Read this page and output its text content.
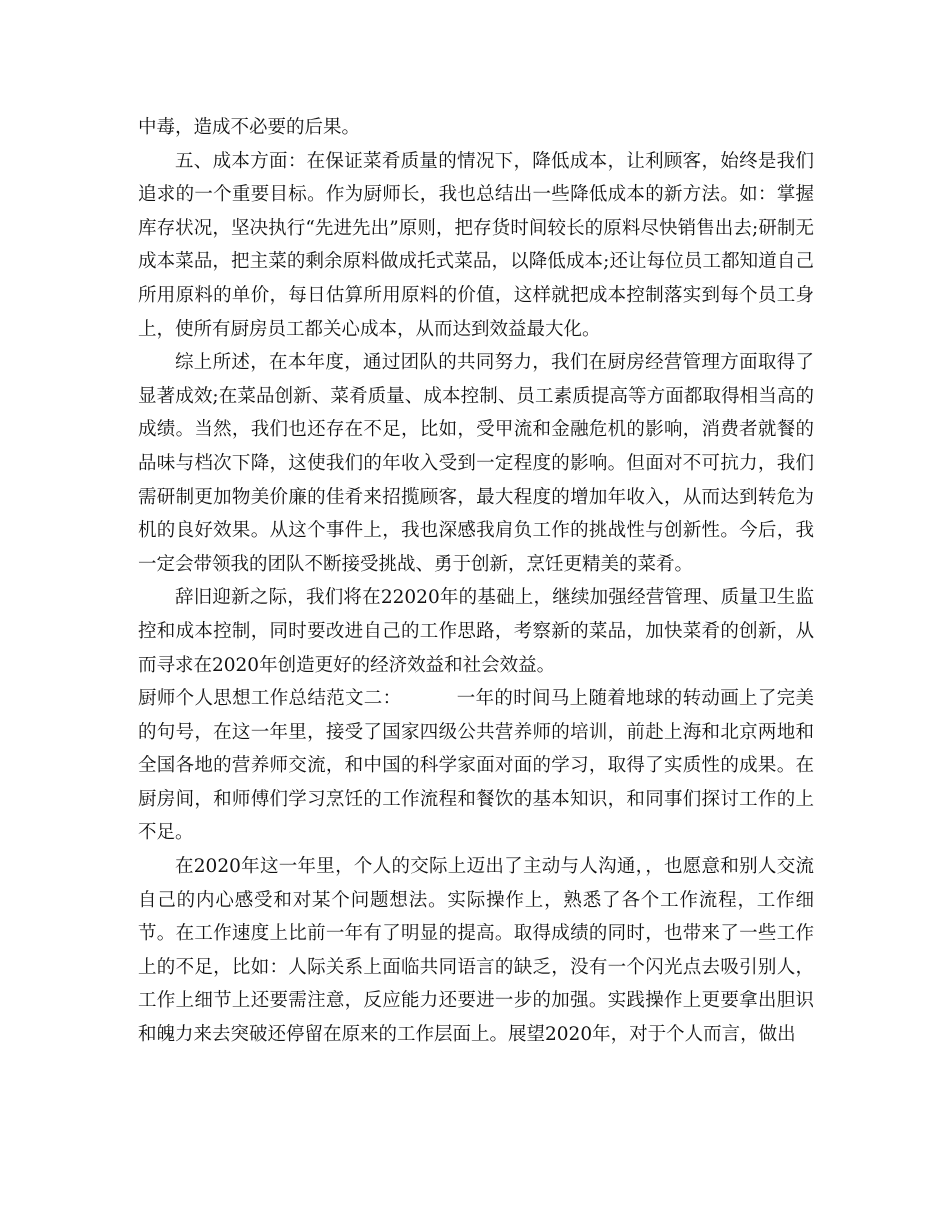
中毒，造成不必要的后果。

五、成本方面：在保证菜肴质量的情况下，降低成本，让利顾客，始终是我们追求的一个重要目标。作为厨师长，我也总结出一些降低成本的新方法。如：掌握库存状况，坚决执行“先进先出”原则，把存货时间较长的原料尽快销售出去;研制无成本菜品，把主菜的剩余原料做成托式菜品，以降低成本;还让每位员工都知道自己所用原料的单价，每日估算所用原料的价值，这样就把成本控制落实到每个员工身上，使所有厨房员工都关心成本，从而达到效益最大化。

综上所述，在本年度，通过团队的共同努力，我们在厨房经营管理方面取得了显著成效;在菜品创新、菜肴质量、成本控制、员工素质提高等方面都取得相当高的成绩。当然，我们也还存在不足，比如，受甲流和金融危机的影响，消费者就餐的品味与档次下降，这使我们的年收入受到一定程度的影响。但面对不可抗力，我们需研制更加物美价廉的佳肴来招揽顾客，最大程度的增加年收入，从而达到转危为机的良好效果。从这个事件上，我也深感我肩负工作的挑战性与创新性。今后，我一定会带领我的团队不断接受挑战、勇于创新，烹饪更精美的菜肴。

辞旧迎新之际，我们将在22020年的基础上，继续加强经营管理、质量卫生监控和成本控制，同时要改进自己的工作思路，考察新的菜品，加快菜肴的创新，从而寻求在2020年创造更好的经济效益和社会效益。

厨师个人思想工作总结范文二：	一年的时间马上随着地球的转动画上了完美的句号，在这一年里，接受了国家四级公共营养师的培训，前赴上海和北京两地和全国各地的营养师交流，和中国的科学家面对面的学习，取得了实质性的成果。在厨房间，和师傅们学习烹饪的工作流程和餐饮的基本知识，和同事们探讨工作的上不足。

在2020年这一年里，个人的交际上迈出了主动与人沟通，，也愿意和别人交流自己的内心感受和对某个问题想法。实际操作上，熟悉了各个工作流程，工作细节。在工作速度上比前一年有了明显的提高。取得成绩的同时，也带来了一些工作上的不足，比如：人际关系上面临共同语言的缺乏，没有一个闪光点去吸引别人，工作上细节上还要需注意，反应能力还要进一步的加强。实践操作上更要拿出胆识和魄力来去突破还停留在原来的工作层面上。展望2020年，对于个人而言，做出
